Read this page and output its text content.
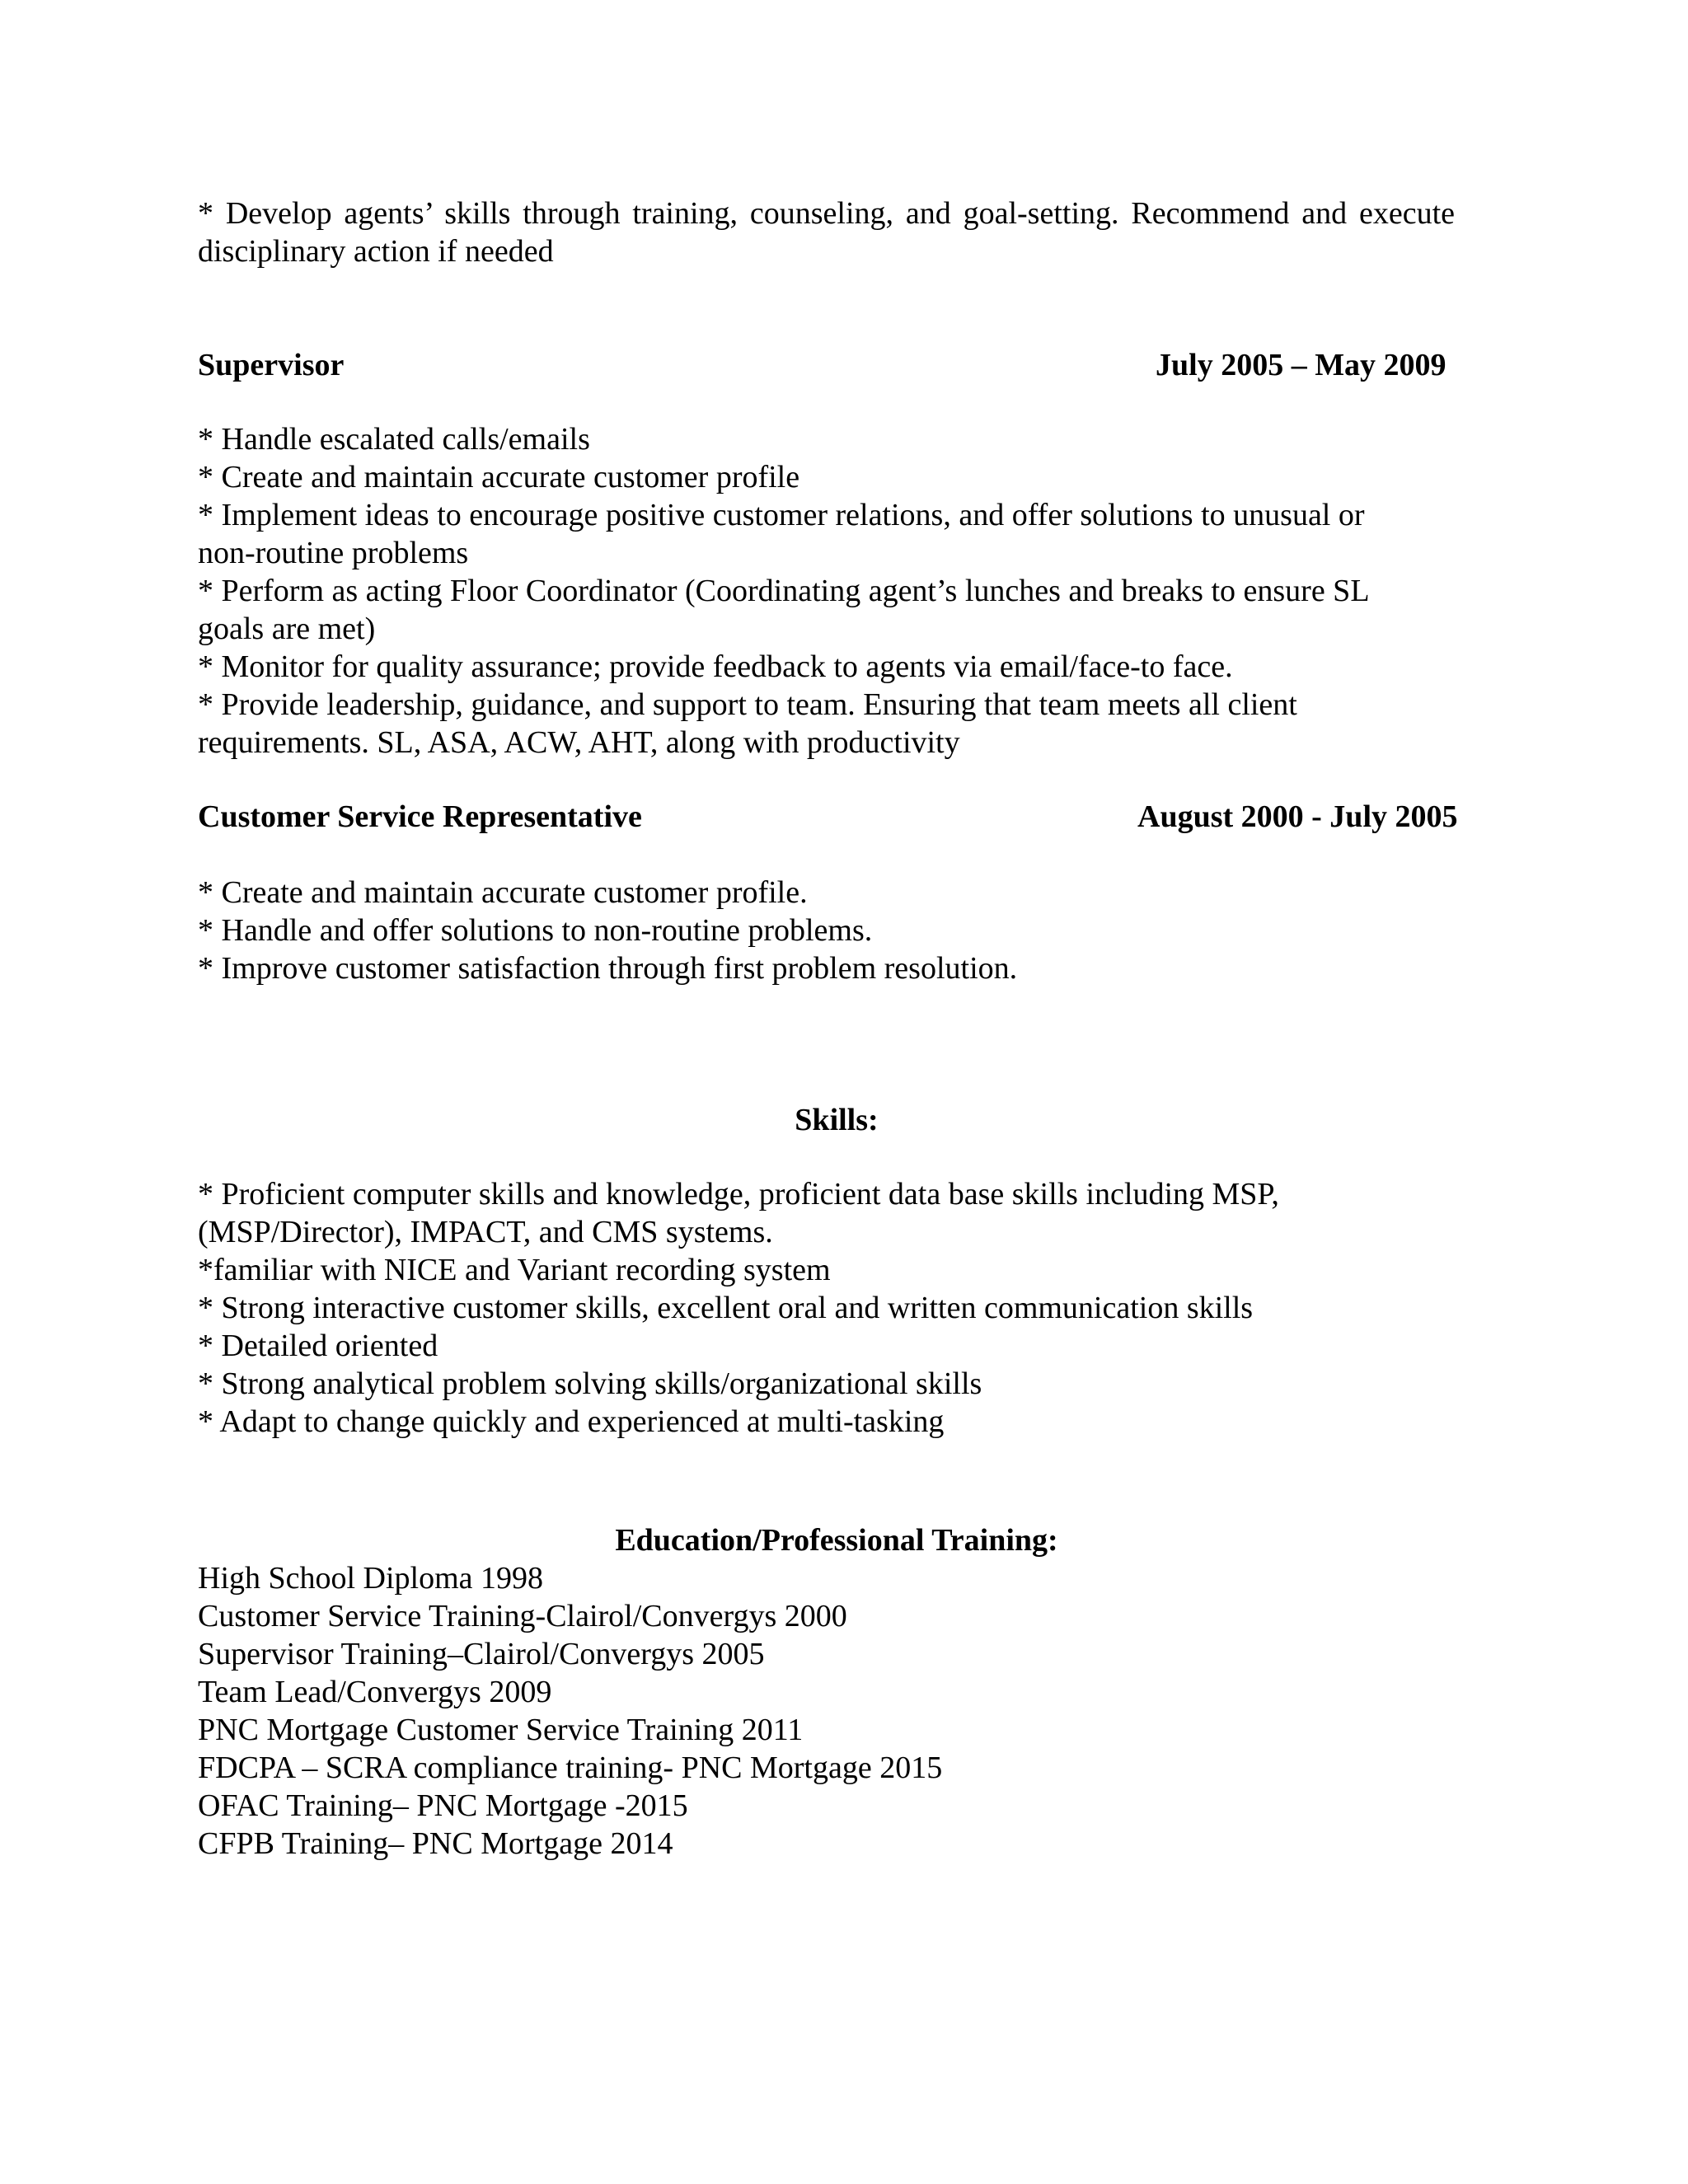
* Develop agents’ skills through training, counseling, and goal-setting. Recommend and execute
disciplinary action if needed
Supervisor	July 2005 – May 2009
* Handle escalated calls/emails
* Create and maintain accurate customer profile
* Implement ideas to encourage positive customer relations, and offer solutions to unusual or
non-routine problems
* Perform as acting Floor Coordinator (Coordinating agent’s lunches and breaks to ensure SL
goals are met)
* Monitor for quality assurance; provide feedback to agents via email/face-to face.
* Provide leadership, guidance, and support to team. Ensuring that team meets all client
requirements. SL, ASA, ACW, AHT, along with productivity
Customer Service Representative	August 2000 - July 2005
* Create and maintain accurate customer profile.
* Handle and offer solutions to non-routine problems.
* Improve customer satisfaction through first problem resolution.
Skills:
* Proficient computer skills and knowledge, proficient data base skills including MSP,
(MSP/Director), IMPACT, and CMS systems.
*familiar with NICE and Variant recording system
* Strong interactive customer skills, excellent oral and written communication skills
* Detailed oriented
* Strong analytical problem solving skills/organizational skills
* Adapt to change quickly and experienced at multi-tasking
Education/Professional Training:
High School Diploma 1998
Customer Service Training-Clairol/Convergys 2000
Supervisor Training–Clairol/Convergys 2005
Team Lead/Convergys 2009
PNC Mortgage Customer Service Training 2011
FDCPA – SCRA compliance training- PNC Mortgage 2015
OFAC Training– PNC Mortgage -2015
CFPB Training– PNC Mortgage 2014
